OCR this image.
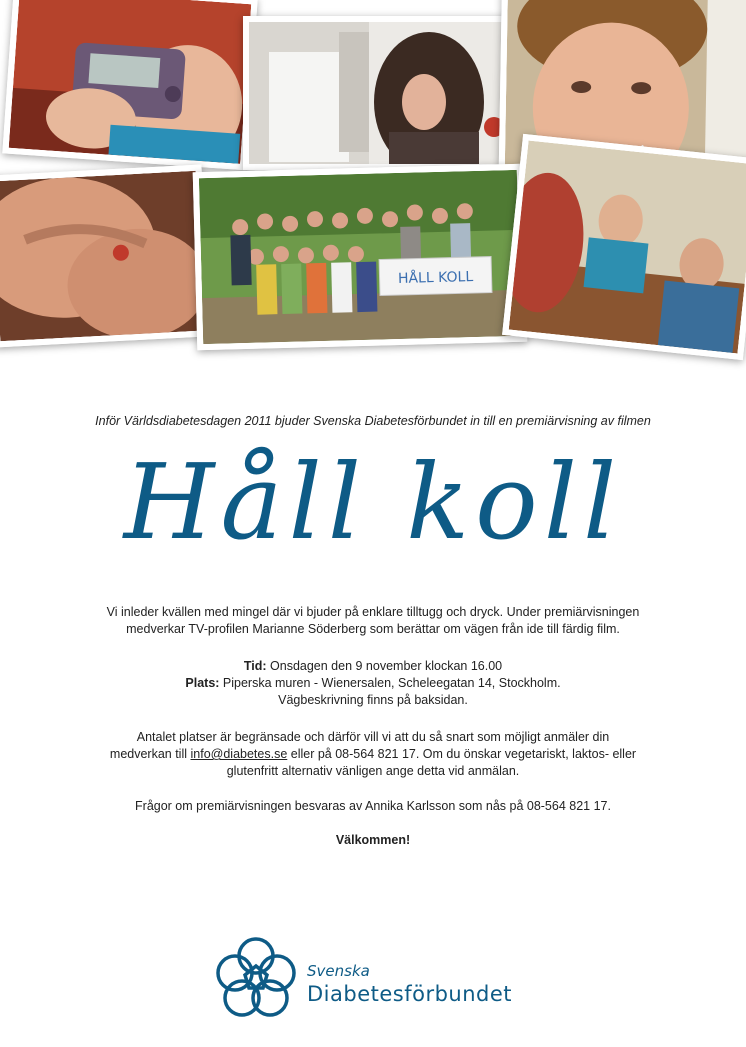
HÅLL KOLL
Inför Världsdiabetesdagen 2011 bjuder Svenska Diabetesförbundet in till en premiärvisning av filmen
Håll koll
Vi inleder kvällen med mingel där vi bjuder på enklare tilltugg och dryck. Under premiärvisningen
medverkar TV-profilen Marianne Söderberg som berättar om vägen från ide till färdig film.
Tid: Onsdagen den 9 november klockan 16.00
Plats: Piperska muren - Wienersalen, Scheleegatan 14, Stockholm.
Vägbeskrivning finns på baksidan.
Antalet platser är begränsade och därför vill vi att du så snart som möjligt anmäler din
medverkan till info@diabetes.se eller på 08-564 821 17. Om du önskar vegetariskt, laktos- eller
glutenfritt alternativ vänligen ange detta vid anmälan.
Frågor om premiärvisningen besvaras av Annika Karlsson som nås på 08-564 821 17.
Välkommen!
Svenska
Diabetesförbundet
